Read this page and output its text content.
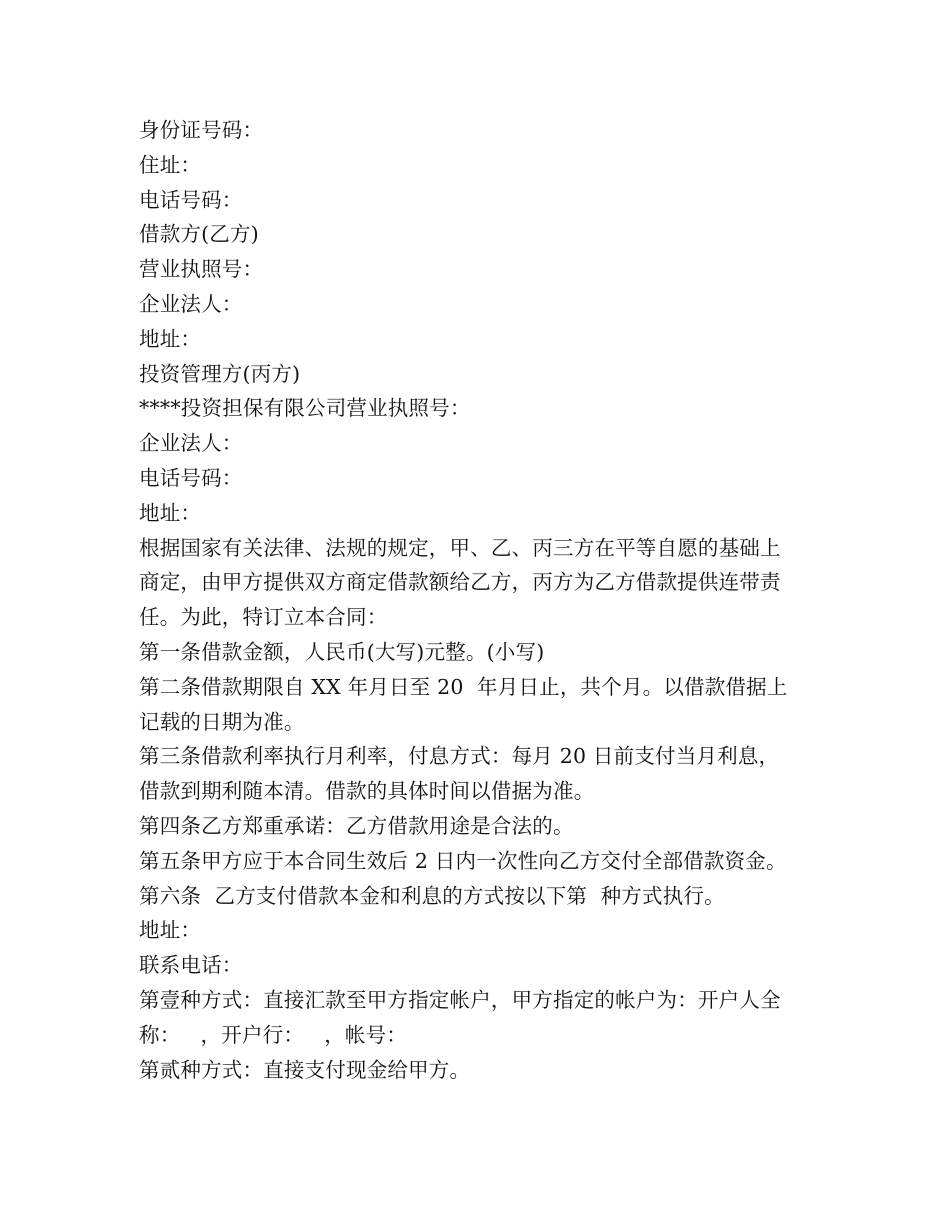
身份证号码：
住址：
电话号码：
借款方(乙方)
营业执照号：
企业法人：
地址：
投资管理方(丙方)
****投资担保有限公司营业执照号：
企业法人：
电话号码：
地址：
根据国家有关法律、法规的规定，甲、乙、丙三方在平等自愿的基础上
商定，由甲方提供双方商定借款额给乙方，丙方为乙方借款提供连带责
任。为此，特订立本合同：
第一条借款金额，人民币(大写)元整。(小写)
第二条借款期限自 XX 年月日至 20  年月日止，共个月。以借款借据上
记载的日期为准。
第三条借款利率执行月利率，付息方式：每月 20 日前支付当月利息，
借款到期利随本清。借款的具体时间以借据为准。
第四条乙方郑重承诺：乙方借款用途是合法的。
第五条甲方应于本合同生效后 2 日内一次性向乙方交付全部借款资金。
第六条  乙方支付借款本金和利息的方式按以下第  种方式执行。
地址：
联系电话：
第壹种方式：直接汇款至甲方指定帐户，甲方指定的帐户为：开户人全
称：   ，开户行：   ，帐号：
第贰种方式：直接支付现金给甲方。
